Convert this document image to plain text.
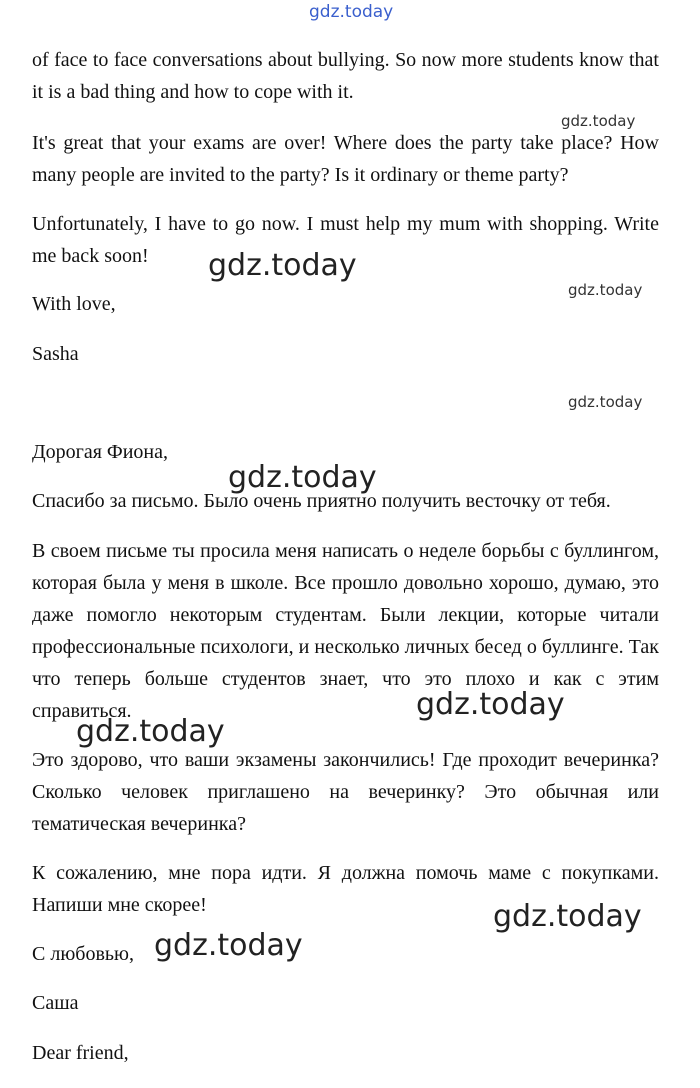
gdz.today
gdz.today
gdz.today
gdz.today
gdz.today
gdz.today
gdz.today
gdz.today
gdz.today
gdz.today

of face to face conversations about bullying. So now more students know that it is a bad thing and how to cope with it.

It's great that your exams are over! Where does the party take place? How many people are invited to the party? Is it ordinary or theme party?

Unfortunately, I have to go now. I must help my mum with shopping. Write me back soon!

With love,

Sasha

Дорогая Фиона,

Спасибо за письмо. Было очень приятно получить весточку от тебя.

В своем письме ты просила меня написать о неделе борьбы с буллингом, которая была у меня в школе. Все прошло довольно хорошо, думаю, это даже помогло некоторым студентам. Были лекции, которые читали профессиональные психологи, и несколько личных бесед о буллинге. Так что теперь больше студентов знает, что это плохо и как с этим справиться.

Это здорово, что ваши экзамены закончились! Где проходит вечеринка? Сколько человек приглашено на вечеринку? Это обычная или тематическая вечеринка?

К сожалению, мне пора идти. Я должна помочь маме с покупками. Напиши мне скорее!

С любовью,

Саша

Dear friend,
